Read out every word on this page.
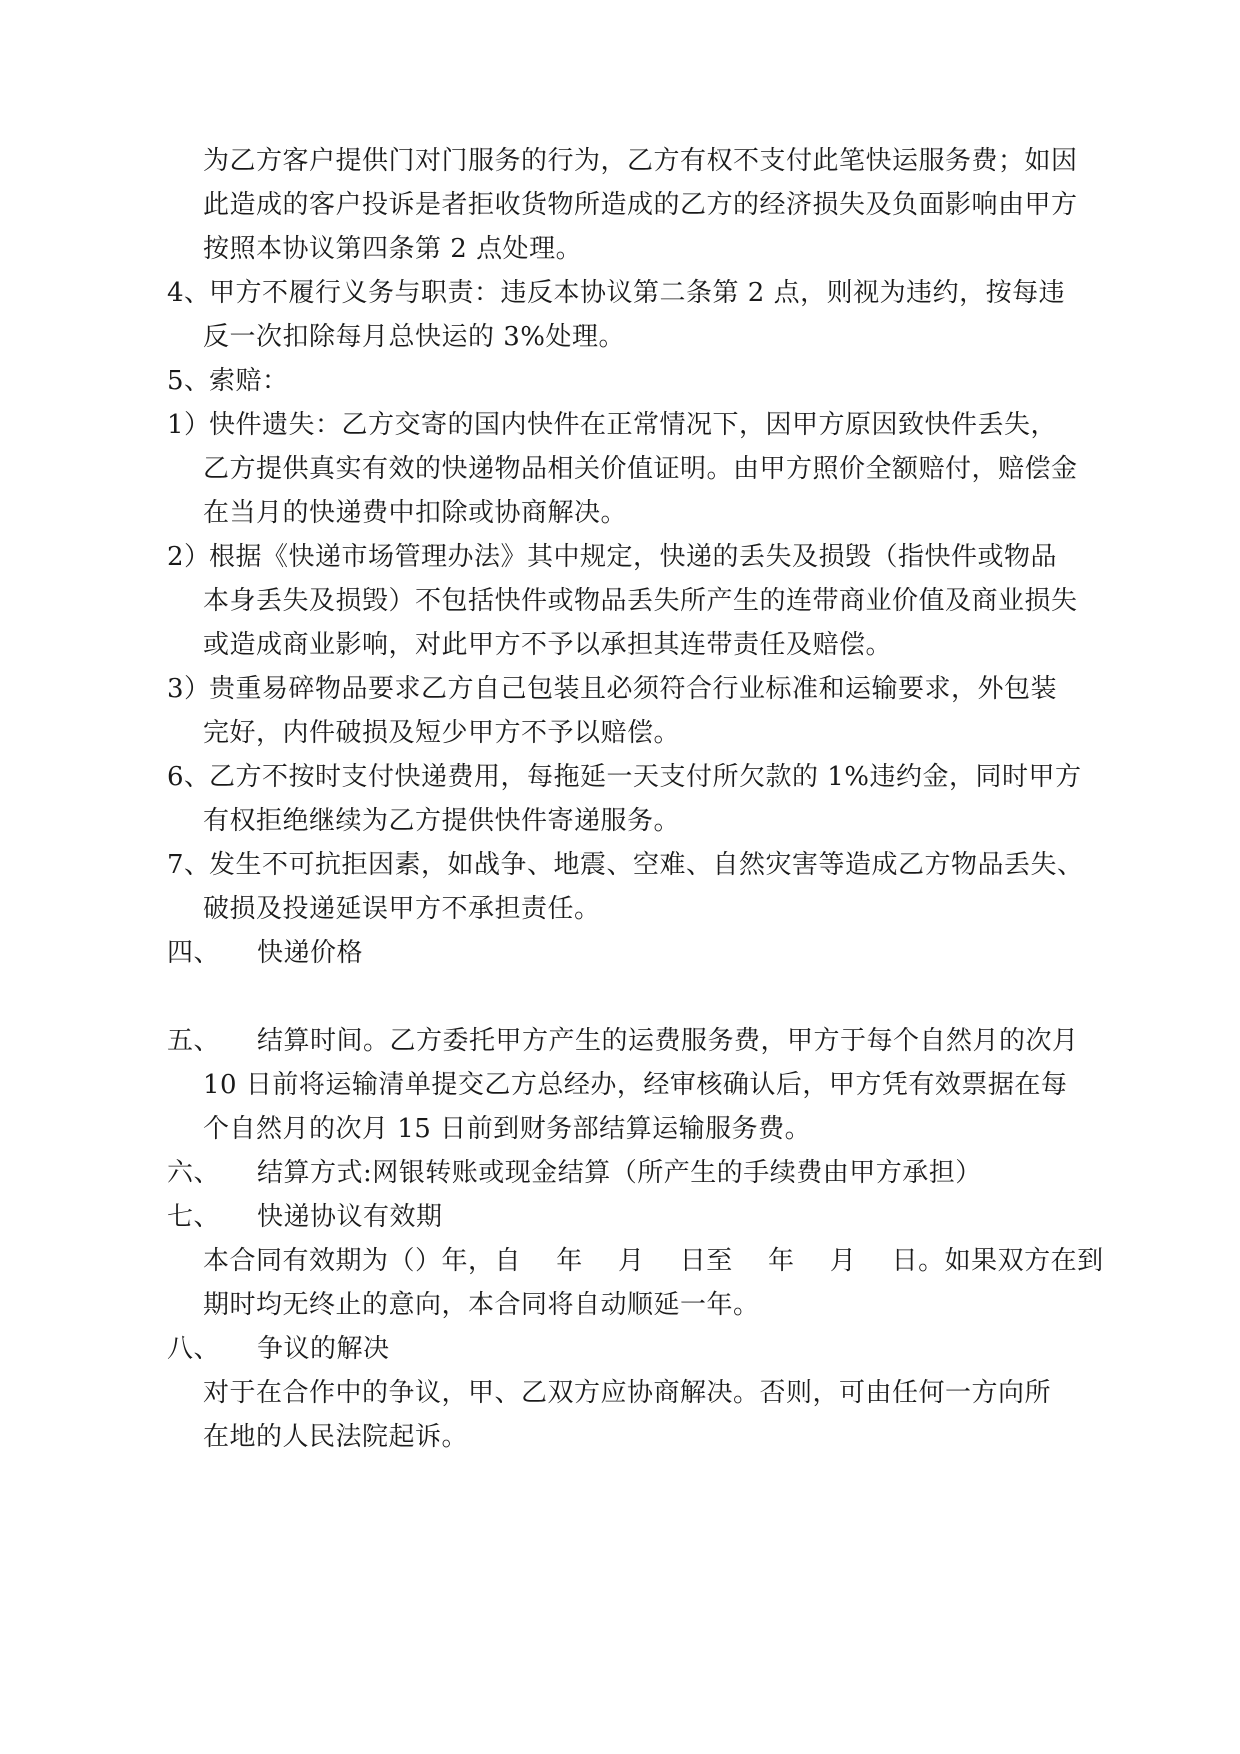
为乙方客户提供门对门服务的行为，乙方有权不支付此笔快运服务费；如因
此造成的客户投诉是者拒收货物所造成的乙方的经济损失及负面影响由甲方
按照本协议第四条第 2 点处理。
4、甲方不履行义务与职责：违反本协议第二条第 2 点，则视为违约，按每违
反一次扣除每月总快运的 3%处理。
5、索赔：
1）快件遗失：乙方交寄的国内快件在正常情况下，因甲方原因致快件丢失，
乙方提供真实有效的快递物品相关价值证明。由甲方照价全额赔付，赔偿金
在当月的快递费中扣除或协商解决。
2）根据《快递市场管理办法》其中规定，快递的丢失及损毁（指快件或物品
本身丢失及损毁）不包括快件或物品丢失所产生的连带商业价值及商业损失
或造成商业影响，对此甲方不予以承担其连带责任及赔偿。
3）贵重易碎物品要求乙方自己包装且必须符合行业标准和运输要求，外包装
完好，内件破损及短少甲方不予以赔偿。
6、乙方不按时支付快递费用，每拖延一天支付所欠款的 1%违约金，同时甲方
有权拒绝继续为乙方提供快件寄递服务。
7、发生不可抗拒因素，如战争、地震、空难、自然灾害等造成乙方物品丢失、
破损及投递延误甲方不承担责任。
四、 快递价格
五、 结算时间。乙方委托甲方产生的运费服务费，甲方于每个自然月的次月
10 日前将运输清单提交乙方总经办，经审核确认后，甲方凭有效票据在每
个自然月的次月 15 日前到财务部结算运输服务费。
六、 结算方式:网银转账或现金结算（所产生的手续费由甲方承担）
七、 快递协议有效期
本合同有效期为（）年，自　 年　 月　 日至　 年　 月　 日。如果双方在到
期时均无终止的意向，本合同将自动顺延一年。
八、 争议的解决
对于在合作中的争议，甲、乙双方应协商解决。否则，可由任何一方向所
在地的人民法院起诉。
